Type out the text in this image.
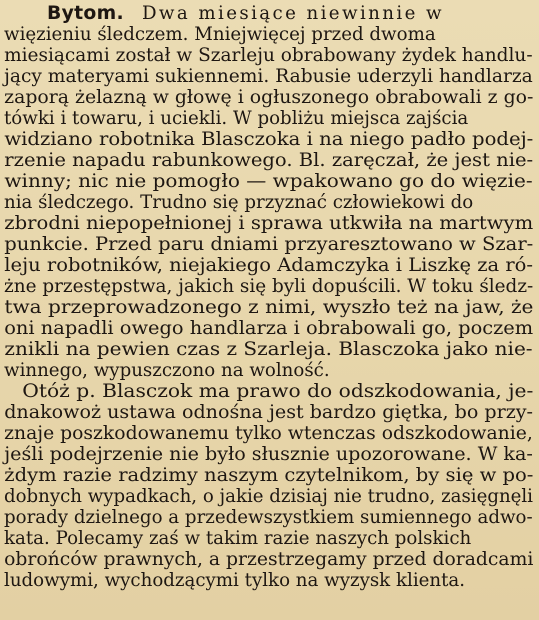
Bytom. Dwa miesiące niewinnie w
więzieniu śledczem. Mniejwięcej przed dwoma
miesiącami został w Szarleju obrabowany żydek handlu-
jący materyami sukiennemi. Rabusie uderzyli handlarza
zaporą żelazną w głowę i ogłuszonego obrabowali z go-
tówki i towaru, i uciekli. W pobliżu miejsca zajścia
widziano robotnika Blasczoka i na niego padło podej-
rzenie napadu rabunkowego. Bl. zaręczał, że jest nie-
winny; nic nie pomogło — wpakowano go do więzie-
nia śledczego. Trudno się przyznać człowiekowi do
zbrodni niepopełnionej i sprawa utkwiła na martwym
punkcie. Przed paru dniami przyaresztowano w Szar-
leju robotników, niejakiego Adamczyka i Liszkę za ró-
żne przestępstwa, jakich się byli dopuścili. W toku śledz-
twa przeprowadzonego z nimi, wyszło też na jaw, że
oni napadli owego handlarza i obrabowali go, poczem
znikli na pewien czas z Szarleja. Blasczoka jako nie-
winnego, wypuszczono na wolność.
Otóż p. Blasczok ma prawo do odszkodowania, je-
dnakowoż ustawa odnośna jest bardzo giętka, bo przy-
znaje poszkodowanemu tylko wtenczas odszkodowanie,
jeśli podejrzenie nie było słusznie upozorowane. W ka-
żdym razie radzimy naszym czytelnikom, by się w po-
dobnych wypadkach, o jakie dzisiaj nie trudno, zasięgnęli
porady dzielnego a przedewszystkiem sumiennego adwo-
kata. Polecamy zaś w takim razie naszych polskich
obrońców prawnych, a przestrzegamy przed doradcami
ludowymi, wychodzącymi tylko na wyzysk klienta.
